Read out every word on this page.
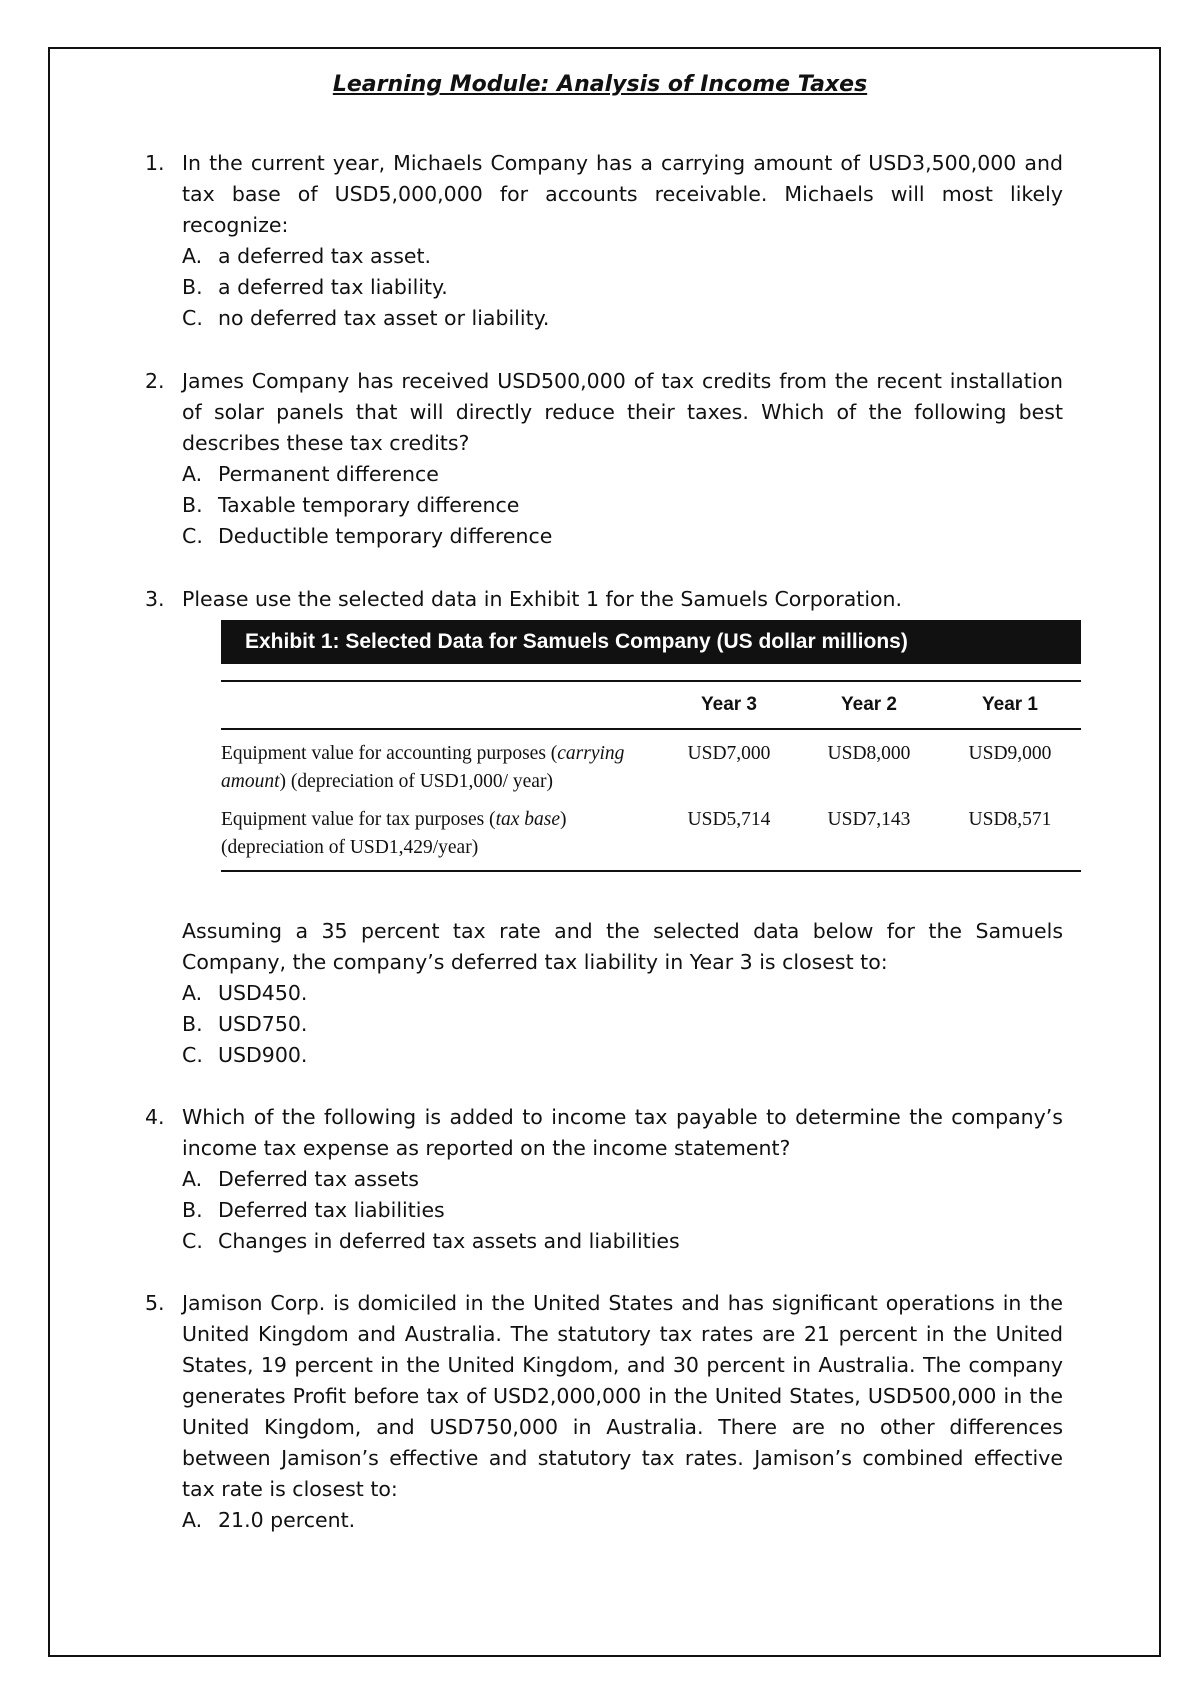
Learning Module: Analysis of Income Taxes
1. In the current year, Michaels Company has a carrying amount of USD3,500,000 and tax base of USD5,000,000 for accounts receivable. Michaels will most likely recognize:
A. a deferred tax asset.
B. a deferred tax liability.
C. no deferred tax asset or liability.
2. James Company has received USD500,000 of tax credits from the recent installation of solar panels that will directly reduce their taxes. Which of the following best describes these tax credits?
A. Permanent difference
B. Taxable temporary difference
C. Deductible temporary difference
3. Please use the selected data in Exhibit 1 for the Samuels Corporation.
Exhibit 1: Selected Data for Samuels Company (US dollar millions)
	Year 3	Year 2	Year 1
Equipment value for accounting purposes (carrying amount) (depreciation of USD1,000/ year)	USD7,000	USD8,000	USD9,000
Equipment value for tax purposes (tax base) (depreciation of USD1,429/year)	USD5,714	USD7,143	USD8,571
Assuming a 35 percent tax rate and the selected data below for the Samuels Company, the company’s deferred tax liability in Year 3 is closest to:
A. USD450.
B. USD750.
C. USD900.
4. Which of the following is added to income tax payable to determine the company’s income tax expense as reported on the income statement?
A. Deferred tax assets
B. Deferred tax liabilities
C. Changes in deferred tax assets and liabilities
5. Jamison Corp. is domiciled in the United States and has significant operations in the United Kingdom and Australia. The statutory tax rates are 21 percent in the United States, 19 percent in the United Kingdom, and 30 percent in Australia. The company generates Profit before tax of USD2,000,000 in the United States, USD500,000 in the United Kingdom, and USD750,000 in Australia. There are no other differences between Jamison’s effective and statutory tax rates. Jamison’s combined effective tax rate is closest to:
A. 21.0 percent.
